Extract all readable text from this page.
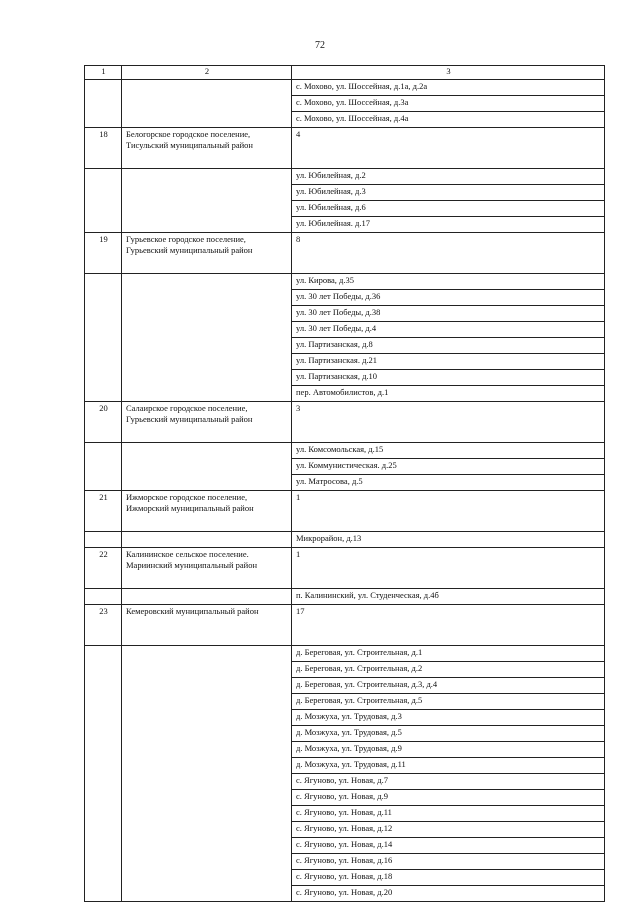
72
1	2	3
		с. Мохово, ул. Шоссейная, д.1а, д.2а
		с. Мохово, ул. Шоссейная, д.3а
		с. Мохово, ул. Шоссейная, д.4а
18	Белогорское городское поселение, Тисульский муниципальный район	4
		ул. Юбилейная, д.2
		ул. Юбилейная, д.3
		ул. Юбилейная, д.6
		ул. Юбилейная. д.17
19	Гурьевское городское поселение, Гурьевский муниципальный район	8
		ул. Кирова, д.35
		ул. 30 лет Победы, д.36
		ул. 30 лет Победы, д.38
		ул. 30 лет Победы, д.4
		ул. Партизанская, д.8
		ул. Партизанская. д.21
		ул. Партизанская, д.10
		пер. Автомобилистов, д.1
20	Салаирское городское поселение, Гурьевский муниципальный район	3
		ул. Комсомольская, д.15
		ул. Коммунистическая. д.25
		ул. Матросова, д.5
21	Ижморское городское поселение, Ижморский муниципальный район	1
		Микрорайон, д.13
22	Калининское сельское поселение. Мариинский муниципальный район	1
		п. Калининский, ул. Студенческая, д.4б
23	Кемеровский муниципальный район	17
		д. Береговая, ул. Строительная, д.1
		д. Береговая, ул. Строительная, д.2
		д. Береговая, ул. Строительная, д.3, д.4
		д. Береговая, ул. Строительная, д.5
		д. Мозжуха, ул. Трудовая, д.3
		д. Мозжуха, ул. Трудовая, д.5
		д. Мозжуха, ул. Трудовая, д.9
		д. Мозжуха, ул. Трудовая, д.11
		с. Ягуново, ул. Новая, д.7
		с. Ягуново, ул. Новая, д.9
		с. Ягуново, ул. Новая, д.11
		с. Ягуново, ул. Новая, д.12
		с. Ягуново, ул. Новая, д.14
		с. Ягуново, ул. Новая, д.16
		с. Ягуново, ул. Новая, д.18
		с. Ягуново, ул. Новая, д.20
